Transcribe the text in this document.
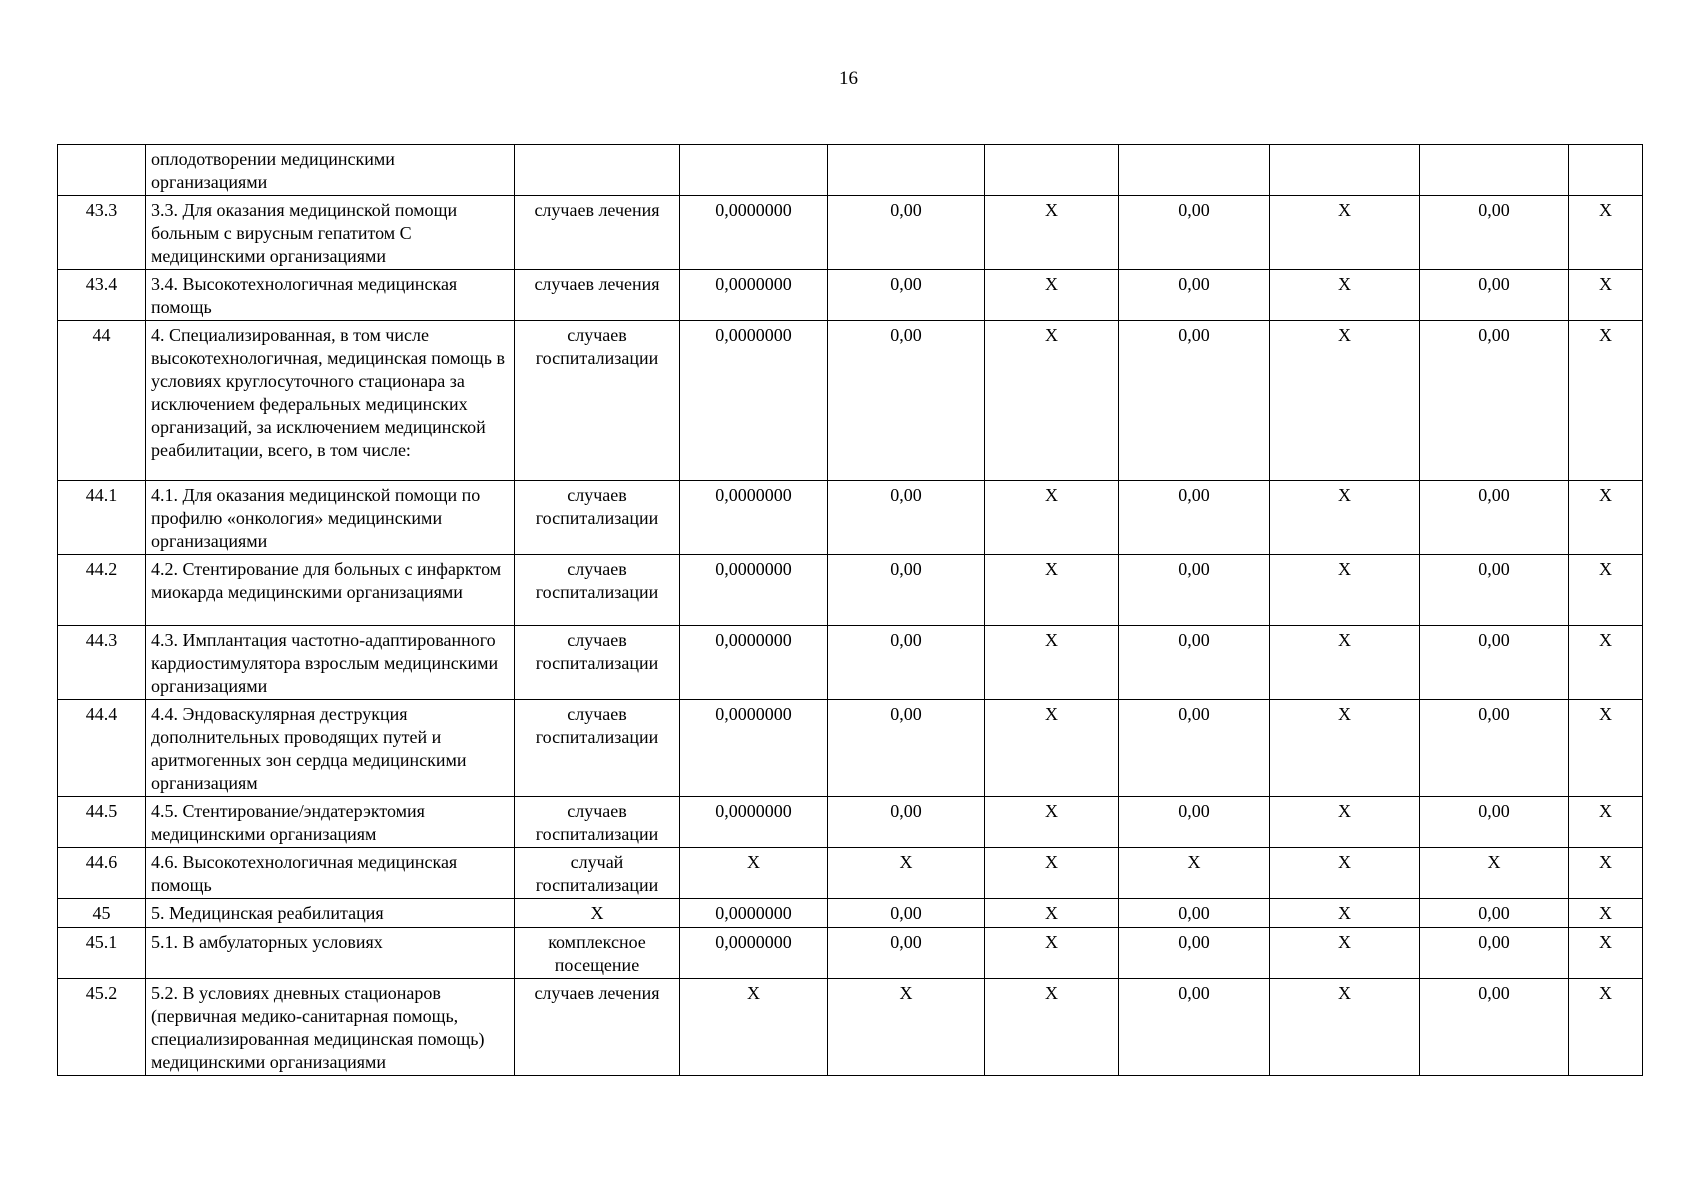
16
	оплодотворении медицинскими организациями								
43.3	3.3. Для оказания медицинской помощи больным с вирусным гепатитом С медицинскими организациями	случаев лечения	0,0000000	0,00	X	0,00	X	0,00	X
43.4	3.4. Высокотехнологичная медицинская помощь	случаев лечения	0,0000000	0,00	X	0,00	X	0,00	X
44	4. Специализированная, в том числе высокотехнологичная, медицинская помощь в условиях круглосуточного стационара за исключением федеральных медицинских организаций, за исключением медицинской реабилитации, всего, в том числе:	случаев госпитализации	0,0000000	0,00	X	0,00	X	0,00	X
44.1	4.1. Для оказания медицинской помощи по профилю «онкология» медицинскими организациями	случаев госпитализации	0,0000000	0,00	X	0,00	X	0,00	X
44.2	4.2. Стентирование для больных с инфарктом миокарда медицинскими организациями	случаев госпитализации	0,0000000	0,00	X	0,00	X	0,00	X
44.3	4.3. Имплантация частотно-адаптированного кардиостимулятора взрослым медицинскими организациями	случаев госпитализации	0,0000000	0,00	X	0,00	X	0,00	X
44.4	4.4. Эндоваскулярная деструкция дополнительных проводящих путей и аритмогенных зон сердца медицинскими организациям	случаев госпитализации	0,0000000	0,00	X	0,00	X	0,00	X
44.5	4.5. Стентирование/эндатерэктомия медицинскими организациям	случаев госпитализации	0,0000000	0,00	X	0,00	X	0,00	X
44.6	4.6. Высокотехнологичная медицинская помощь	случай госпитализации	X	X	X	X	X	X	X
45	5. Медицинская реабилитация	X	0,0000000	0,00	X	0,00	X	0,00	X
45.1	5.1. В амбулаторных условиях	комплексное посещение	0,0000000	0,00	X	0,00	X	0,00	X
45.2	5.2. В условиях дневных стационаров (первичная медико-санитарная помощь, специализированная медицинская помощь) медицинскими организациями	случаев лечения	X	X	X	0,00	X	0,00	X
